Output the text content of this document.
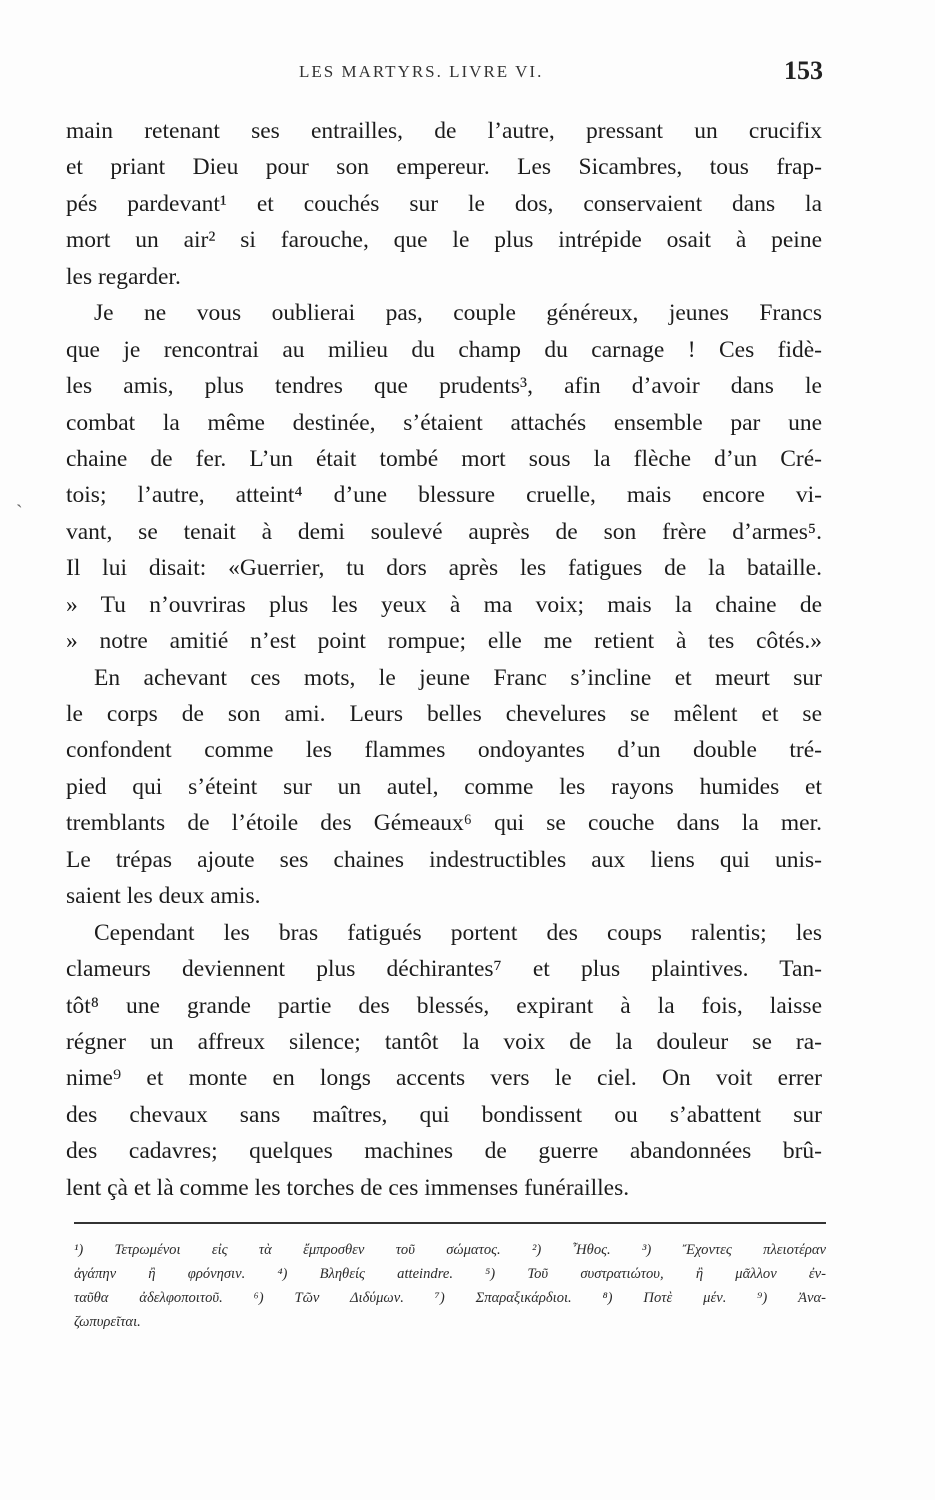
LES MARTYRS. LIVRE VI.	153
ˏ
main retenant ses entrailles, de l’autre, pressant un crucifix
et priant Dieu pour son empereur. Les Sicambres, tous frap-
pés pardevant¹ et couchés sur le dos, conservaient dans la
mort un air² si farouche, que le plus intrépide osait à peine
les regarder.
Je ne vous oublierai pas, couple généreux, jeunes Francs
que je rencontrai au milieu du champ du carnage ! Ces fidè-
les amis, plus tendres que prudents³, afin d’avoir dans le
combat la même destinée, s’étaient attachés ensemble par une
chaine de fer. L’un était tombé mort sous la flèche d’un Cré-
tois; l’autre, atteint⁴ d’une blessure cruelle, mais encore vi-
vant, se tenait à demi soulevé auprès de son frère d’armes⁵.
Il lui disait: «Guerrier, tu dors après les fatigues de la bataille.
» Tu n’ouvriras plus les yeux à ma voix; mais la chaine de
» notre amitié n’est point rompue; elle me retient à tes côtés.»
En achevant ces mots, le jeune Franc s’incline et meurt sur
le corps de son ami. Leurs belles chevelures se mêlent et se
confondent comme les flammes ondoyantes d’un double tré-
pied qui s’éteint sur un autel, comme les rayons humides et
tremblants de l’étoile des Gémeaux⁶ qui se couche dans la mer.
Le trépas ajoute ses chaines indestructibles aux liens qui unis-
saient les deux amis.
Cependant les bras fatigués portent des coups ralentis; les
clameurs deviennent plus déchirantes⁷ et plus plaintives. Tan-
tôt⁸ une grande partie des blessés, expirant à la fois, laisse
régner un affreux silence; tantôt la voix de la douleur se ra-
nime⁹ et monte en longs accents vers le ciel. On voit errer
des chevaux sans maîtres, qui bondissent ou s’abattent sur
des cadavres; quelques machines de guerre abandonnées brû-
lent çà et là comme les torches de ces immenses funérailles.
¹) Τετρωμένοι εἰς τὰ ἔμπροσθεν τοῦ σώματος. ²) Ἦθος. ³) Ἔχοντες πλειοτέραν
ἀγάπην ἢ φρόνησιν. ⁴) Βληθείς atteindre. ⁵) Τοῦ συστρατιώτου, ἢ μᾶλλον ἐν-
ταῦθα ἀδελφοποιτοῦ. ⁶) Τῶν Διδύμων. ⁷) Σπαραξικάρδιοι. ⁸) Ποτὲ μέν. ⁹) Ἀνα-
ζωπυρεῖται.
